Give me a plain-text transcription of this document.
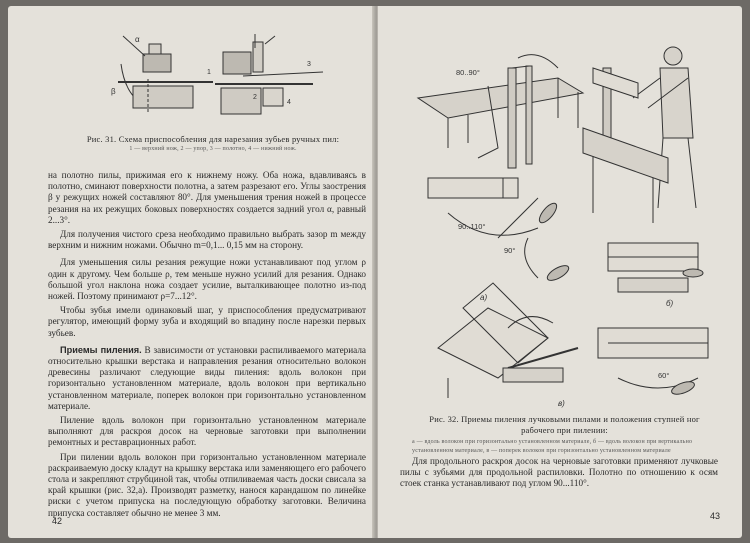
α
β
1
2
3
4
Рис. 31. Схема приспособления для нарезания зубьев ручных пил:
1 — верхний нож, 2 — упор, 3 — полотно, 4 — нижний нож.

на полотно пилы, прижимая его к нижнему ножу. Оба ножа, вдавливаясь в полотно, сминают поверхности полотна, а затем разрезают его. Углы заострения β у режущих ножей составляют 80°. Для уменьшения трения ножей в процессе резания на их режущих боковых поверхностях создается задний угол α, равный 2...3°.

Для получения чистого среза необходимо правильно выбрать зазор m между верхним и нижним ножами. Обычно m=0,1... 0,15 мм на сторону.

Для уменьшения силы резания режущие ножи устанавливают под углом ρ один к другому. Чем больше ρ, тем меньше нужно усилий для резания. Однако большой угол наклона ножа создает усилие, выталкивающее полотно из-под ножей. Поэтому принимают ρ=7...12°.

Чтобы зубья имели одинаковый шаг, у приспособления предусматривают регулятор, имеющий форму зуба и входящий во впадину после нарезки первых зубьев.

Приемы пиления. В зависимости от установки распиливаемого материала относительно крышки верстака и направления резания относительно волокон древесины различают следующие виды пиления: вдоль волокон при горизонтально установленном материале, вдоль волокон при вертикально установленном материале, поперек волокон при горизонтально установленном материале.

Пиление вдоль волокон при горизонтально установленном материале выполняют для раскроя досок на черновые заготовки при выполнении ремонтных и реставрационных работ.

При пилении вдоль волокон при горизонтально установленном материале раскраиваемую доску кладут на крышку верстака или заменяющего его рабочего стола и закрепляют струбциной так, чтобы отпиливаемая часть доски свисала за край крышки (рис. 32,а). Производят разметку, нанося карандашом по линейке риски с учетом припуска на последующую обработку заготовки. Величина припуска составляет обычно не менее 3 мм.

42
80..90°
90..110°
90°
60°
а)
б)
в)
Рис. 32. Приемы пиления лучковыми пилами и положения ступней ног рабочего при пилении:
а — вдоль волокон при горизонтально установленном материале, б — вдоль волокон при вертикально установленном материале, в — поперек волокон при горизонтально установленном материале

Для продольного раскроя досок на черновые заготовки применяют лучковые пилы с зубьями для продольной распиловки. Полотно по отношению к осям стоек станка устанавливают под углом 90...110°.

43
